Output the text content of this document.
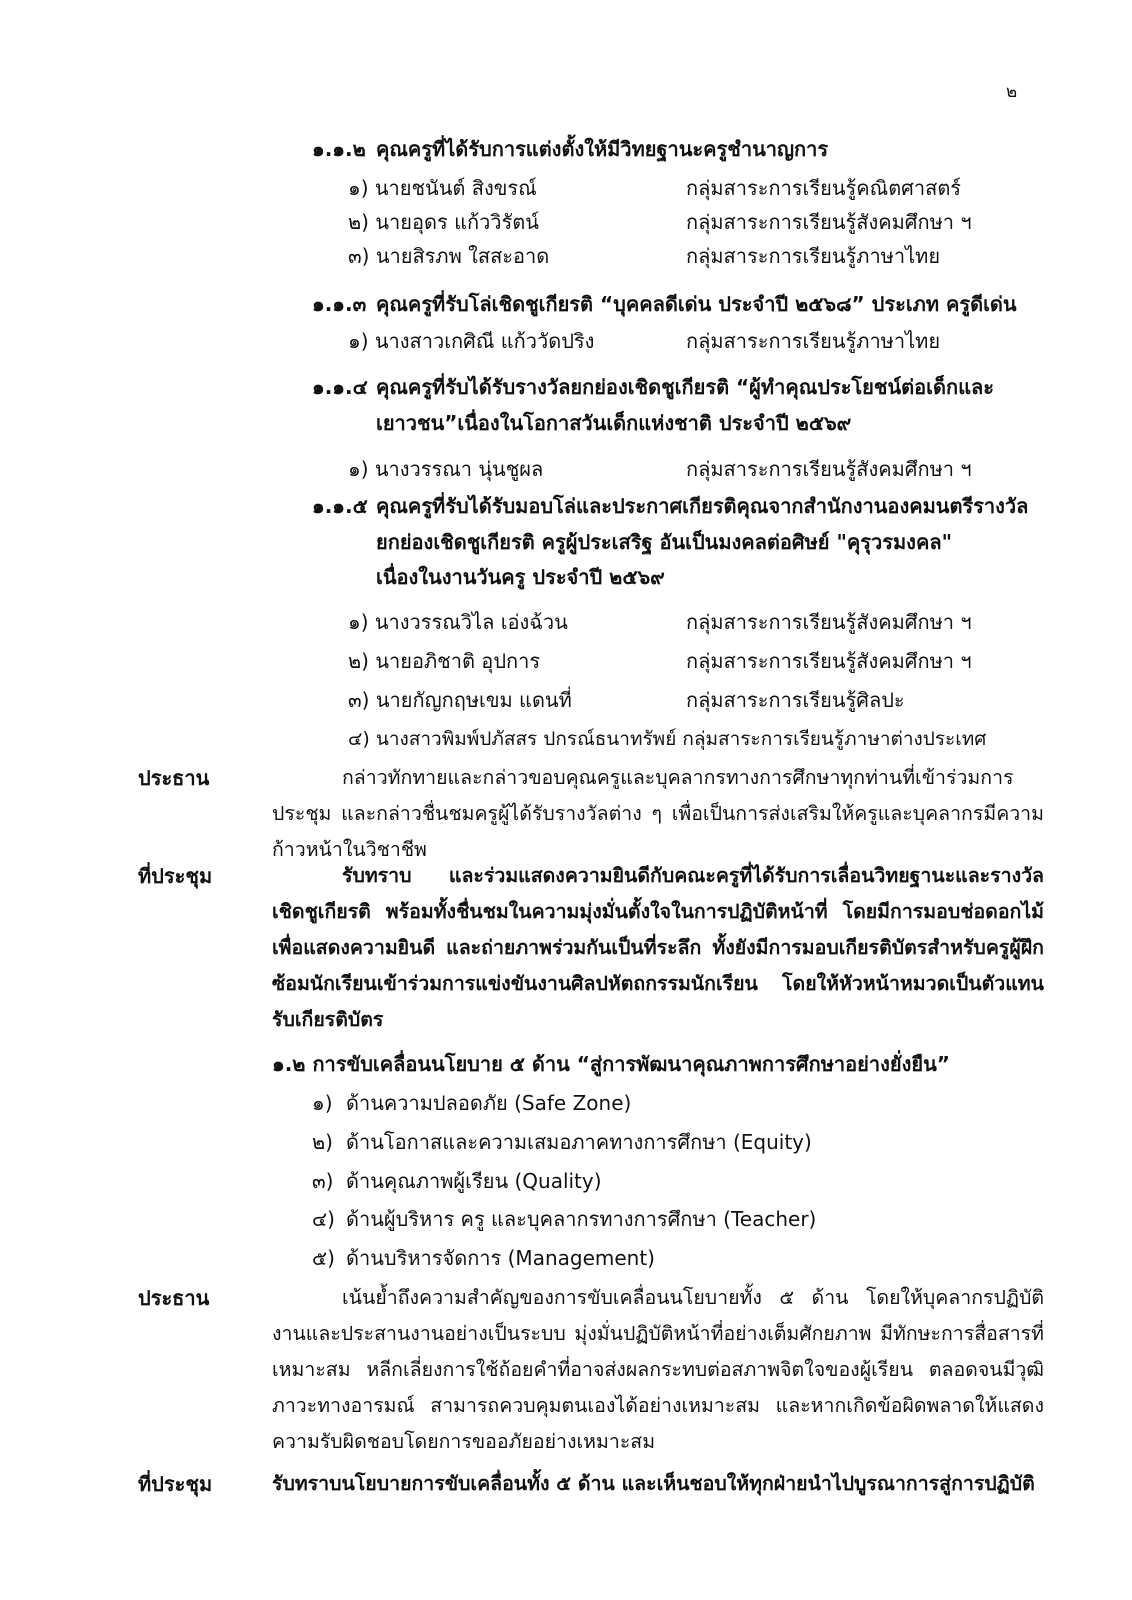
๒
๑.๑.๒ คุณครูที่ได้รับการแต่งตั้งให้มีวิทยฐานะครูชำนาญการ
๑) นายชนันต์ สิงขรณ์	กลุ่มสาระการเรียนรู้คณิตศาสตร์
๒) นายอุดร แก้ววิรัตน์	กลุ่มสาระการเรียนรู้สังคมศึกษา ฯ
๓) นายสิรภพ ใสสะอาด	กลุ่มสาระการเรียนรู้ภาษาไทย
๑.๑.๓ คุณครูที่รับโล่เชิดชูเกียรติ “บุคคลดีเด่น ประจำปี ๒๕๖๘” ประเภท ครูดีเด่น
๑) นางสาวเกศิณี แก้ววัดปริง	กลุ่มสาระการเรียนรู้ภาษาไทย
๑.๑.๔ คุณครูที่รับได้รับรางวัลยกย่องเชิดชูเกียรติ “ผู้ทำคุณประโยชน์ต่อเด็กและ
เยาวชน”เนื่องในโอกาสวันเด็กแห่งชาติ ประจำปี ๒๕๖๙
๑) นางวรรณา นุ่นชูผล	กลุ่มสาระการเรียนรู้สังคมศึกษา ฯ
๑.๑.๕ คุณครูที่รับได้รับมอบโล่และประกาศเกียรติคุณจากสำนักงานองคมนตรีรางวัล
ยกย่องเชิดชูเกียรติ ครูผู้ประเสริฐ อันเป็นมงคลต่อศิษย์ "คุรุวรมงคล"
เนื่องในงานวันครู ประจำปี ๒๕๖๙
๑) นางวรรณวิไล เอ่งฉ้วน	กลุ่มสาระการเรียนรู้สังคมศึกษา ฯ
๒) นายอภิชาติ อุปการ	กลุ่มสาระการเรียนรู้สังคมศึกษา ฯ
๓) นายกัญกฤษเขม แดนที่	กลุ่มสาระการเรียนรู้ศิลปะ
๔) นางสาวพิมพ์ปภัสสร ปกรณ์ธนาทรัพย์ กลุ่มสาระการเรียนรู้ภาษาต่างประเทศ
ประธาน	กล่าวทักทายและกล่าวขอบคุณครูและบุคลากรทางการศึกษาทุกท่านที่เข้าร่วมการประชุม และกล่าวชื่นชมครูผู้ได้รับรางวัลต่าง ๆ เพื่อเป็นการส่งเสริมให้ครูและบุคลากรมีความก้าวหน้าในวิชาชีพ
ที่ประชุม	รับทราบ และร่วมแสดงความยินดีกับคณะครูที่ได้รับการเลื่อนวิทยฐานะและรางวัลเชิดชูเกียรติ พร้อมทั้งชื่นชมในความมุ่งมั่นตั้งใจในการปฏิบัติหน้าที่ โดยมีการมอบช่อดอกไม้เพื่อแสดงความยินดี และถ่ายภาพร่วมกันเป็นที่ระลึก ทั้งยังมีการมอบเกียรติบัตรสำหรับครูผู้ฝึกซ้อมนักเรียนเข้าร่วมการแข่งขันงานศิลปหัตถกรรมนักเรียน โดยให้หัวหน้าหมวดเป็นตัวแทนรับเกียรติบัตร
๑.๒ การขับเคลื่อนนโยบาย ๕ ด้าน “สู่การพัฒนาคุณภาพการศึกษาอย่างยั่งยืน”
๑) ด้านความปลอดภัย (Safe Zone)
๒) ด้านโอกาสและความเสมอภาคทางการศึกษา (Equity)
๓) ด้านคุณภาพผู้เรียน (Quality)
๔) ด้านผู้บริหาร ครู และบุคลากรทางการศึกษา (Teacher)
๕) ด้านบริหารจัดการ (Management)
ประธาน	เน้นย้ำถึงความสำคัญของการขับเคลื่อนนโยบายทั้ง ๕ ด้าน โดยให้บุคลากรปฏิบัติงานและประสานงานอย่างเป็นระบบ มุ่งมั่นปฏิบัติหน้าที่อย่างเต็มศักยภาพ มีทักษะการสื่อสารที่เหมาะสม หลีกเลี่ยงการใช้ถ้อยคำที่อาจส่งผลกระทบต่อสภาพจิตใจของผู้เรียน ตลอดจนมีวุฒิภาวะทางอารมณ์ สามารถควบคุมตนเองได้อย่างเหมาะสม และหากเกิดข้อผิดพลาดให้แสดงความรับผิดชอบโดยการขออภัยอย่างเหมาะสม
ที่ประชุม	รับทราบนโยบายการขับเคลื่อนทั้ง ๕ ด้าน และเห็นชอบให้ทุกฝ่ายนำไปบูรณาการสู่การปฏิบัติ
